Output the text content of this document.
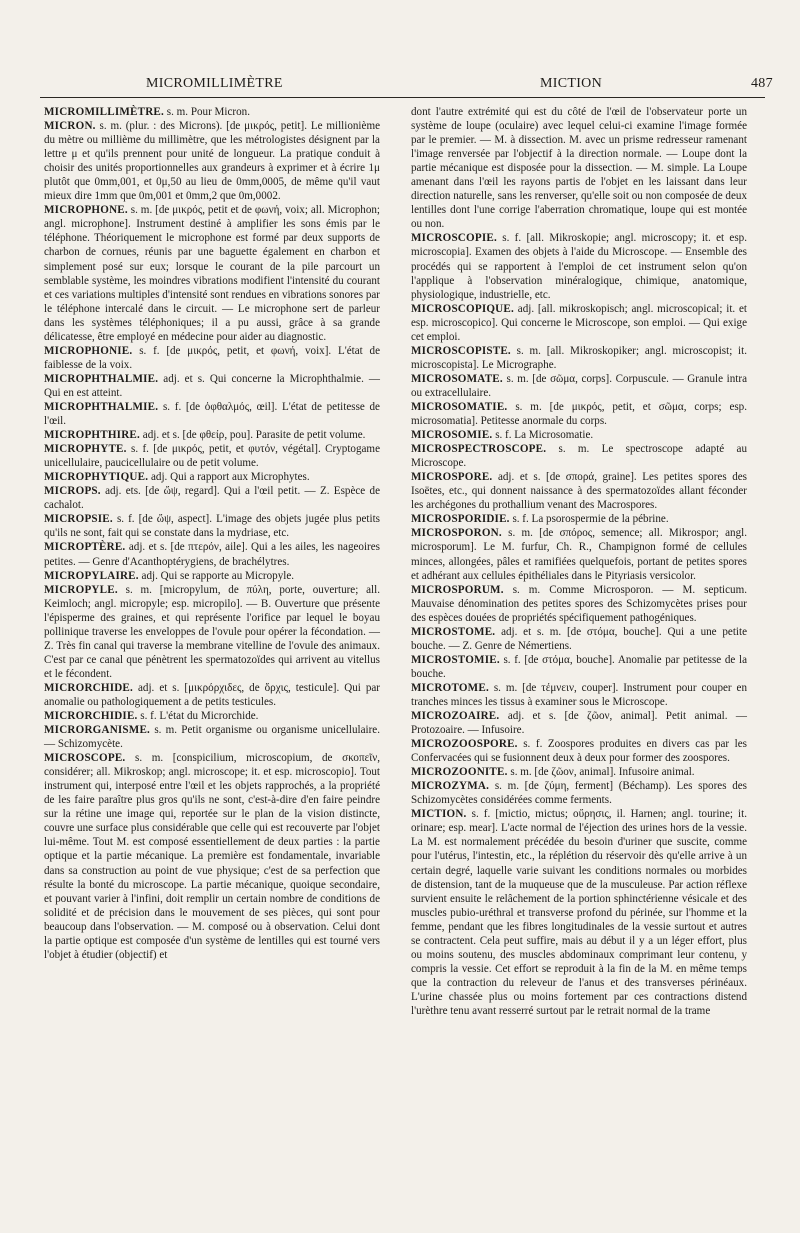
MICROMILLIMÈTRE	MICTION	487

MICROMILLIMÈTRE. s. m. Pour Micron.

MICRON. s. m. (plur. : des Microns). [de μικρός, petit]. Le millionième du mètre ou millième du millimètre, que les métrologistes désignent par la lettre μ et qu'ils prennent pour unité de longueur. La pratique conduit à choisir des unités proportionnelles aux grandeurs à exprimer et à écrire 1μ plutôt que 0mm,001, et 0μ,50 au lieu de 0mm,0005, de même qu'il vaut mieux dire 1mm que 0m,001 et 0mm,2 que 0m,0002.

MICROPHONE. s. m. [de μικρός, petit et de φωνή, voix; all. Microphon; angl. microphone]. Instrument destiné à amplifier les sons émis par le téléphone. Théoriquement le microphone est formé par deux supports de charbon de cornues, réunis par une baguette également en charbon et simplement posé sur eux; lorsque le courant de la pile parcourt un semblable système, les moindres vibrations modifient l'intensité du courant et ces variations multiples d'intensité sont rendues en vibrations sonores par le téléphone intercalé dans le circuit. — Le microphone sert de parleur dans les systèmes téléphoniques; il a pu aussi, grâce à sa grande délicatesse, être employé en médecine pour aider au diagnostic.

MICROPHONIE. s. f. [de μικρός, petit, et φωνή, voix]. L'état de faiblesse de la voix.

MICROPHTHALMIE. adj. et s. Qui concerne la Microphthalmie. — Qui en est atteint.

MICROPHTHALMIE. s. f. [de ὀφθαλμός, œil]. L'état de petitesse de l'œil.

MICROPHTHIRE. adj. et s. [de φθείρ, pou]. Parasite de petit volume.

MICROPHYTE. s. f. [de μικρός, petit, et φυτόν, végétal]. Cryptogame unicellulaire, paucicellulaire ou de petit volume.

MICROPHYTIQUE. adj. Qui a rapport aux Microphytes.

MICROPS. adj. ets. [de ὤψ, regard]. Qui a l'œil petit. — Z. Espèce de cachalot.

MICROPSIE. s. f. [de ὤψ, aspect]. L'image des objets jugée plus petits qu'ils ne sont, fait qui se constate dans la mydriase, etc.

MICROPTÈRE. adj. et s. [de πτερόν, aile]. Qui a les ailes, les nageoires petites. — Genre d'Acanthoptérygiens, de brachélytres.

MICROPYLAIRE. adj. Qui se rapporte au Micropyle.

MICROPYLE. s. m. [micropylum, de πύλη, porte, ouverture; all. Keimloch; angl. micropyle; esp. micropilo]. — B. Ouverture que présente l'épisperme des graines, et qui représente l'orifice par lequel le boyau pollinique traverse les enveloppes de l'ovule pour opérer la fécondation. — Z. Très fin canal qui traverse la membrane vitelline de l'ovule des animaux. C'est par ce canal que pénètrent les spermatozoïdes qui arrivent au vitellus et le fécondent.

MICRORCHIDE. adj. et s. [μικρόρχιδες, de ὄρχις, testicule]. Qui par anomalie ou pathologiquement a de petits testicules.

MICRORCHIDIE. s. f. L'état du Microrchide.

MICRORGANISME. s. m. Petit organisme ou organisme unicellulaire. — Schizomycète.

MICROSCOPE. s. m. [conspicilium, microscopium, de σκοπεῖν, considérer; all. Mikroskop; angl. microscope; it. et esp. microscopio]. Tout instrument qui, interposé entre l'œil et les objets rapprochés, a la propriété de les faire paraître plus gros qu'ils ne sont, c'est-à-dire d'en faire peindre sur la rétine une image qui, reportée sur le plan de la vision distincte, couvre une surface plus considérable que celle qui est recouverte par l'objet lui-même. Tout M. est composé essentiellement de deux parties : la partie optique et la partie mécanique. La première est fondamentale, invariable dans sa construction au point de vue physique; c'est de sa perfection que résulte la bonté du microscope. La partie mécanique, quoique secondaire, et pouvant varier à l'infini, doit remplir un certain nombre de conditions de solidité et de précision dans le mouvement de ses pièces, qui sont pour beaucoup dans l'observation. — M. composé ou à observation. Celui dont la partie optique est composée d'un système de lentilles qui est tourné vers l'objet à étudier (objectif) et

dont l'autre extrémité qui est du côté de l'œil de l'observateur porte un système de loupe (oculaire) avec lequel celui-ci examine l'image formée par le premier. — M. à dissection. M. avec un prisme redresseur ramenant l'image renversée par l'objectif à la direction normale. — Loupe dont la partie mécanique est disposée pour la dissection. — M. simple. La Loupe amenant dans l'œil les rayons partis de l'objet en les laissant dans leur direction naturelle, sans les renverser, qu'elle soit ou non composée de deux lentilles dont l'une corrige l'aberration chromatique, loupe qui est montée ou non.

MICROSCOPIE. s. f. [all. Mikroskopie; angl. microscopy; it. et esp. microscopia]. Examen des objets à l'aide du Microscope. — Ensemble des procédés qui se rapportent à l'emploi de cet instrument selon qu'on l'applique à l'observation minéralogique, chimique, anatomique, physiologique, industrielle, etc.

MICROSCOPIQUE. adj. [all. mikroskopisch; angl. microscopical; it. et esp. microscopico]. Qui concerne le Microscope, son emploi. — Qui exige cet emploi.

MICROSCOPISTE. s. m. [all. Mikroskopiker; angl. microscopist; it. microscopista]. Le Micrographe.

MICROSOMATE. s. m. [de σῶμα, corps]. Corpuscule. — Granule intra ou extracellulaire.

MICROSOMATIE. s. m. [de μικρός, petit, et σῶμα, corps; esp. microsomatia]. Petitesse anormale du corps.

MICROSOMIE. s. f. La Microsomatie.

MICROSPECTROSCOPE. s. m. Le spectroscope adapté au Microscope.

MICROSPORE. adj. et s. [de σπορά, graine]. Les petites spores des Isoëtes, etc., qui donnent naissance à des spermatozoïdes allant féconder les archégones du prothallium venant des Macrospores.

MICROSPORIDIE. s. f. La psorospermie de la pébrine.

MICROSPORON. s. m. [de σπόρος, semence; all. Mikrospor; angl. microsporum]. Le M. furfur, Ch. R., Champignon formé de cellules minces, allongées, pâles et ramifiées quelquefois, portant de petites spores et adhérant aux cellules épithéliales dans le Pityriasis versicolor.

MICROSPORUM. s. m. Comme Microsporon. — M. septicum. Mauvaise dénomination des petites spores des Schizomycètes prises pour des espèces douées de propriétés spécifiquement pathogéniques.

MICROSTOME. adj. et s. m. [de στόμα, bouche]. Qui a une petite bouche. — Z. Genre de Némertiens.

MICROSTOMIE. s. f. [de στόμα, bouche]. Anomalie par petitesse de la bouche.

MICROTOME. s. m. [de τέμνειν, couper]. Instrument pour couper en tranches minces les tissus à examiner sous le Microscope.

MICROZOAIRE. adj. et s. [de ζῶον, animal]. Petit animal. — Protozoaire. — Infusoire.

MICROZOOSPORE. s. f. Zoospores produites en divers cas par les Confervacées qui se fusionnent deux à deux pour former des zoospores.

MICROZOONITE. s. m. [de ζῶον, animal]. Infusoire animal.

MICROZYMA. s. m. [de ζύμη, ferment] (Béchamp). Les spores des Schizomycètes considérées comme ferments.

MICTION. s. f. [mictio, mictus; οὔρησις, il. Harnen; angl. tourine; it. orinare; esp. mear]. L'acte normal de l'éjection des urines hors de la vessie. La M. est normalement précédée du besoin d'uriner que suscite, comme pour l'utérus, l'intestin, etc., la réplétion du réservoir dès qu'elle arrive à un certain degré, laquelle varie suivant les conditions normales ou morbides de distension, tant de la muqueuse que de la musculeuse. Par action réflexe survient ensuite le relâchement de la portion sphinctérienne vésicale et des muscles pubio-uréthral et transverse profond du périnée, sur l'homme et la femme, pendant que les fibres longitudinales de la vessie surtout et autres se contractent. Cela peut suffire, mais au début il y a un léger effort, plus ou moins soutenu, des muscles abdominaux comprimant leur contenu, y compris la vessie. Cet effort se reproduit à la fin de la M. en même temps que la contraction du releveur de l'anus et des transverses périnéaux. L'urine chassée plus ou moins fortement par ces contractions distend l'urèthre tenu avant resserré surtout par le retrait normal de la trame
